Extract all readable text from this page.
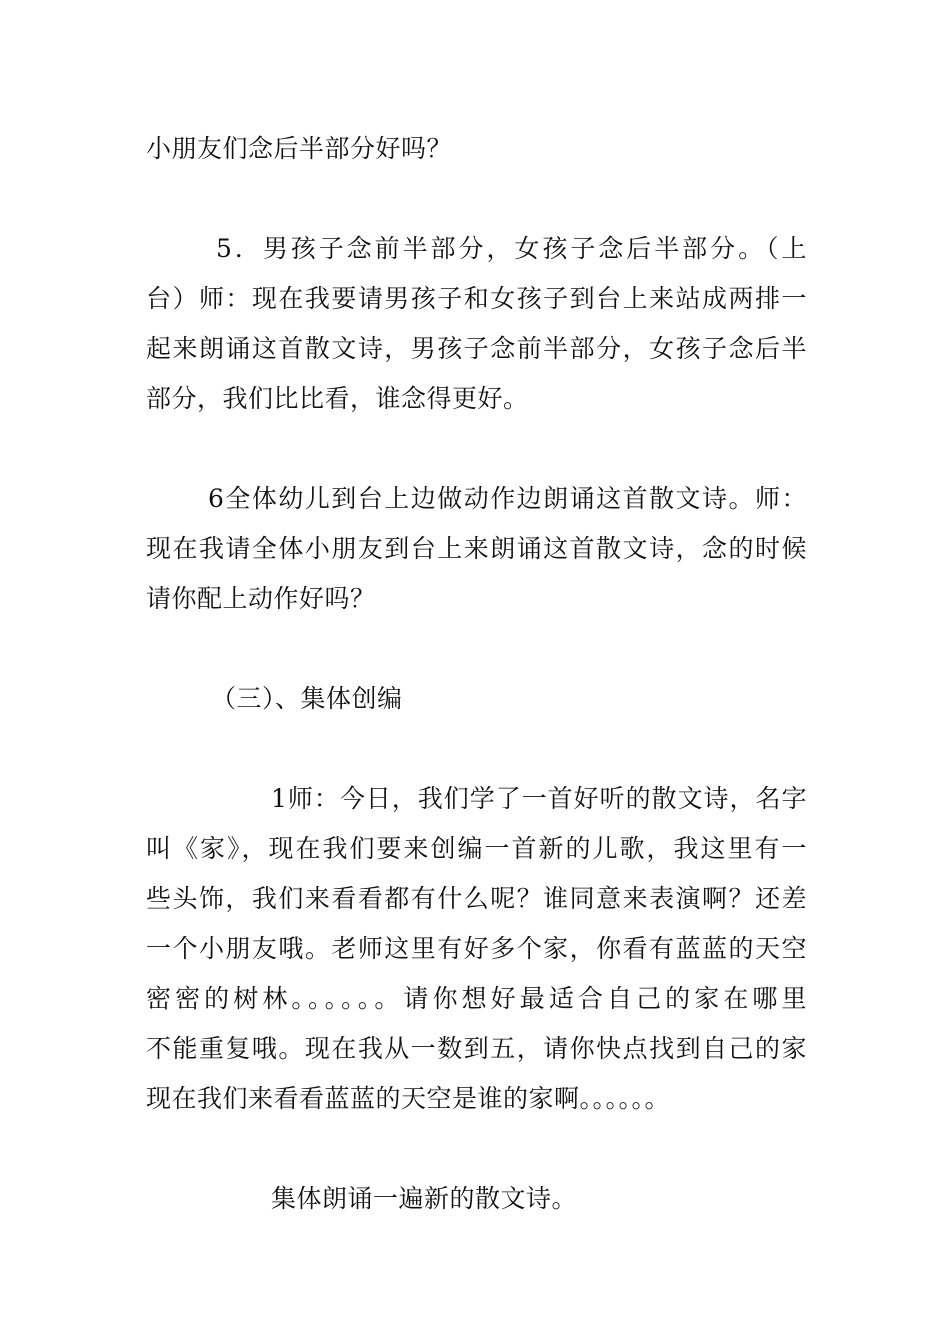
小朋友们念后半部分好吗？
5．男孩子念前半部分，女孩子念后半部分。（上
台）师：现在我要请男孩子和女孩子到台上来站成两排一
起来朗诵这首散文诗，男孩子念前半部分，女孩子念后半
部分，我们比比看，谁念得更好。
6全体幼儿到台上边做动作边朗诵这首散文诗。师：
现在我请全体小朋友到台上来朗诵这首散文诗，念的时候
请你配上动作好吗？
（三）、集体创编
1师：今日，我们学了一首好听的散文诗，名字
叫《家》，现在我们要来创编一首新的儿歌，我这里有一
些头饰，我们来看看都有什么呢？谁同意来表演啊？还差
一个小朋友哦。老师这里有好多个家，你看有蓝蓝的天空
密密的树林。。。。。。请你想好最适合自己的家在哪里
不能重复哦。现在我从一数到五，请你快点找到自己的家
现在我们来看看蓝蓝的天空是谁的家啊。。。。。。
集体朗诵一遍新的散文诗。
